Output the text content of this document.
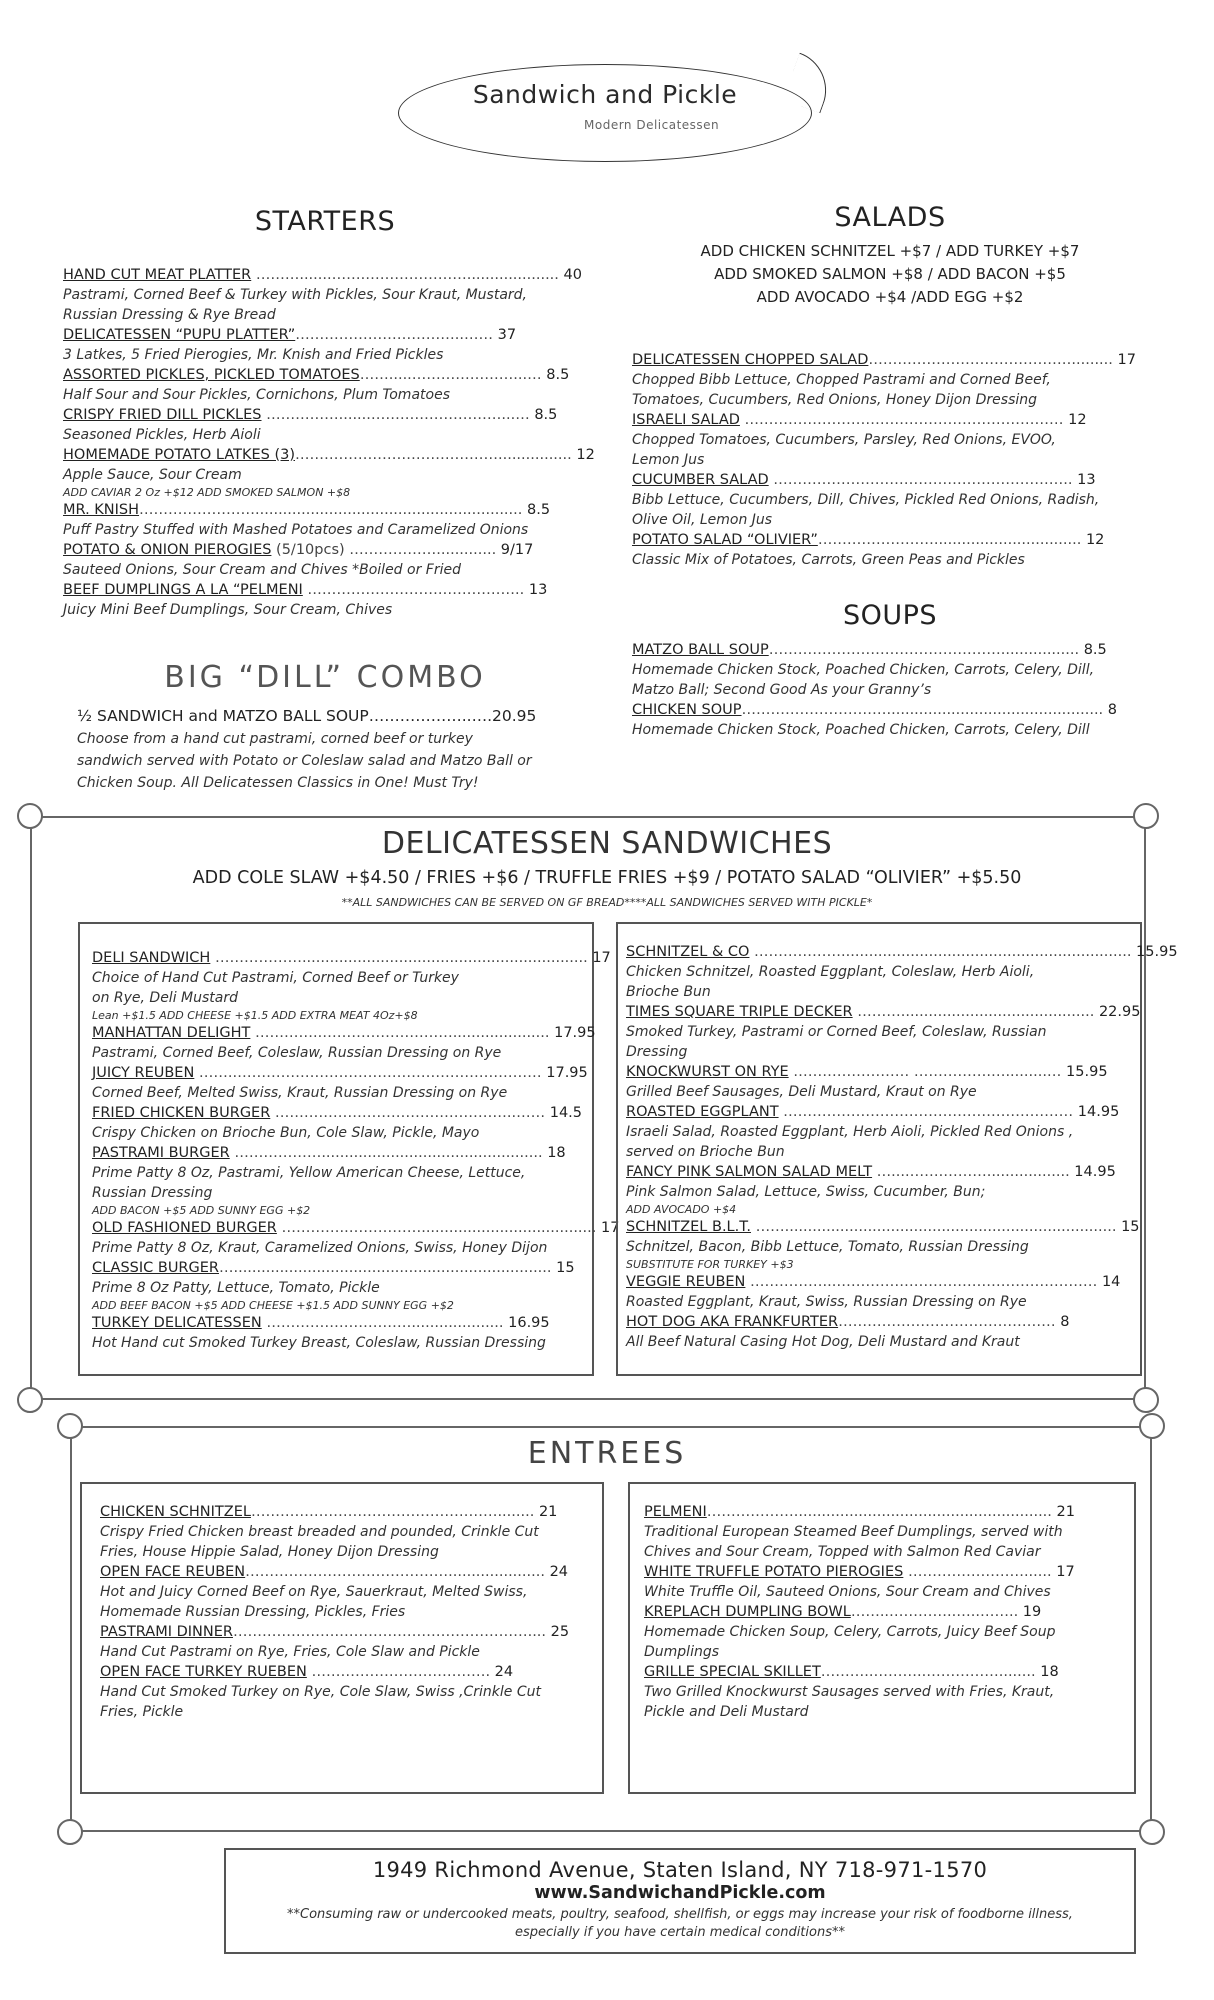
Sandwich and Pickle
Modern Delicatessen
STARTERS
HAND CUT MEAT PLATTER ……….......…….………………….................... 40
Pastrami, Corned Beef & Turkey with Pickles, Sour Kraut, Mustard,
Russian Dressing & Rye Bread
DELICATESSEN “PUPU PLATTER”……………………………..…… 37
3 Latkes, 5 Fried Pierogies, Mr. Knish and Fried Pickles
ASSORTED PICKLES, PICKLED TOMATOES…….....…………………...… 8.5
Half Sour and Sour Pickles, Cornichons, Plum Tomatoes
CRISPY FRIED DILL PICKLES …………….......………………………...… 8.5
Seasoned Pickles, Herb Aioli
HOMEMADE POTATO LATKES (3)……………………………………................ 12
Apple Sauce, Sour Cream
ADD CAVIAR 2 Oz +$12 ADD SMOKED SALMON +$8
MR. KNISH…………………….......................................................... 8.5
Puff Pastry Stuffed with Mashed Potatoes and Caramelized Onions
POTATO & ONION PIEROGIES (5/10pcs) ………………............. 9/17
Sauteed Onions, Sour Cream and Chives *Boiled or Fried
BEEF DUMPLINGS A LA “PELMENI ……………………….…………….. 13
Juicy Mini Beef Dumplings, Sour Cream, Chives
BIG “DILL” COMBO
½ SANDWICH and MATZO BALL SOUP………………..….20.95
Choose from a hand cut pastrami, corned beef or turkey
sandwich served with Potato or Coleslaw salad and Matzo Ball or
Chicken Soup. All Delicatessen Classics in One! Must Try!
SALADS
ADD CHICKEN SCHNITZEL +$7 / ADD TURKEY +$7
ADD SMOKED SALMON +$8 / ADD BACON +$5
ADD AVOCADO +$4 /ADD EGG +$2
DELICATESSEN CHOPPED SALAD……………………………………......... 17
Chopped Bibb Lettuce, Chopped Pastrami and Corned Beef,
Tomatoes, Cucumbers, Red Onions, Honey Dijon Dressing
ISRAELI SALAD ………………………………………………………… 12
Chopped Tomatoes, Cucumbers, Parsley, Red Onions, EVOO,
Lemon Jus
CUCUMBER SALAD …………………………………………………….. 13
Bibb Lettuce, Cucumbers, Dill, Chives, Pickled Red Onions, Radish,
Olive Oil, Lemon Jus
POTATO SALAD “OLIVIER”……………………................................ 12
Classic Mix of Potatoes, Carrots, Green Peas and Pickles
SOUPS
MATZO BALL SOUP…………………………………………................. 8.5
Homemade Chicken Stock, Poached Chicken, Carrots, Celery, Dill,
Matzo Ball; Second Good As your Granny’s
CHICKEN SOUP…………………………............................................... 8
Homemade Chicken Stock, Poached Chicken, Carrots, Celery, Dill
DELICATESSEN SANDWICHES
ADD COLE SLAW +$4.50 / FRIES +$6 / TRUFFLE FRIES +$9 / POTATO SALAD “OLIVIER” +$5.50
**ALL SANDWICHES CAN BE SERVED ON GF BREAD****ALL SANDWICHES SERVED WITH PICKLE*
DELI SANDWICH ……………….............................................................. 17
Choice of Hand Cut Pastrami, Corned Beef or Turkey
on Rye, Deli Mustard
Lean +$1.5 ADD CHEESE +$1.5 ADD EXTRA MEAT 4Oz+$8
MANHATTAN DELIGHT …………..………………………..................... 17.95
Pastrami, Corned Beef, Coleslaw, Russian Dressing on Rye
JUICY REUBEN ……..……………………………………………………… 17.95
Corned Beef, Melted Swiss, Kraut, Russian Dressing on Rye
FRIED CHICKEN BURGER …………………………………………..…… 14.5
Crispy Chicken on Brioche Bun, Cole Slaw, Pickle, Mayo
PASTRAMI BURGER ………………................................................ 18
Prime Patty 8 Oz, Pastrami, Yellow American Cheese, Lettuce,
Russian Dressing
ADD BACON +$5 ADD SUNNY EGG +$2
OLD FASHIONED BURGER …………..……………...................................... 17
Prime Patty 8 Oz, Kraut, Caramelized Onions, Swiss, Honey Dijon
CLASSIC BURGER…..................................................................... 15
Prime 8 Oz Patty, Lettuce, Tomato, Pickle
ADD BEEF BACON +$5 ADD CHEESE +$1.5 ADD SUNNY EGG +$2
TURKEY DELICATESSEN ………………………….................... 16.95
Hot Hand cut Smoked Turkey Breast, Coleslaw, Russian Dressing
SCHNITZEL & CO ………………............................................................... 15.95
Chicken Schnitzel, Roasted Eggplant, Coleslaw, Herb Aioli,
Brioche Bun
TIMES SQUARE TRIPLE DECKER ……….......................................... 22.95
Smoked Turkey, Pastrami or Corned Beef, Coleslaw, Russian
Dressing
KNOCKWURST ON RYE …………………… …………….….........… 15.95
Grilled Beef Sausages, Deli Mustard, Kraut on Rye
ROASTED EGGPLANT …………………………………………………… 14.95
Israeli Salad, Roasted Eggplant, Herb Aioli, Pickled Red Onions ,
served on Brioche Bun
FANCY PINK SALMON SALAD MELT …....…….……….................. 14.95
Pink Salmon Salad, Lettuce, Swiss, Cucumber, Bun;
ADD AVOCADO +$4
SCHNITZEL B.L.T. ……........................................................................ 15
Schnitzel, Bacon, Bibb Lettuce, Tomato, Russian Dressing
SUBSTITUTE FOR TURKEY +$3
VEGGIE REUBEN ……………...……………………………………………… 14
Roasted Eggplant, Kraut, Swiss, Russian Dressing on Rye
HOT DOG AKA FRANKFURTER……………………………………… 8
All Beef Natural Casing Hot Dog, Deli Mustard and Kraut
ENTREES
CHICKEN SCHNITZEL……………………………………………........ 21
Crispy Fried Chicken breast breaded and pounded, Crinkle Cut
Fries, House Hippie Salad, Honey Dijon Dressing
OPEN FACE REUBEN……………………………………..................... 24
Hot and Juicy Corned Beef on Rye, Sauerkraut, Melted Swiss,
Homemade Russian Dressing, Pickles, Fries
PASTRAMI DINNER………………….………………………………….... 25
Hand Cut Pastrami on Rye, Fries, Cole Slaw and Pickle
OPEN FACE TURKEY RUEBEN ………………………………. 24
Hand Cut Smoked Turkey on Rye, Cole Slaw, Swiss ,Crinkle Cut
Fries, Pickle
PELMENI………………........................................................ 21
Traditional European Steamed Beef Dumplings, served with
Chives and Sour Cream, Topped with Salmon Red Caviar
WHITE TRUFFLE POTATO PIEROGIES ……………………...... 17
White Truffle Oil, Sauteed Onions, Sour Cream and Chives
KREPLACH DUMPLING BOWL……..…………..…..…….. 19
Homemade Chicken Soup, Celery, Carrots, Juicy Beef Soup
Dumplings
GRILLE SPECIAL SKILLET………..………..……………........ 18
Two Grilled Knockwurst Sausages served with Fries, Kraut,
Pickle and Deli Mustard
1949 Richmond Avenue, Staten Island, NY 718-971-1570
www.SandwichandPickle.com
**Consuming raw or undercooked meats, poultry, seafood, shellfish, or eggs may increase your risk of foodborne illness, especially if you have certain medical conditions**
